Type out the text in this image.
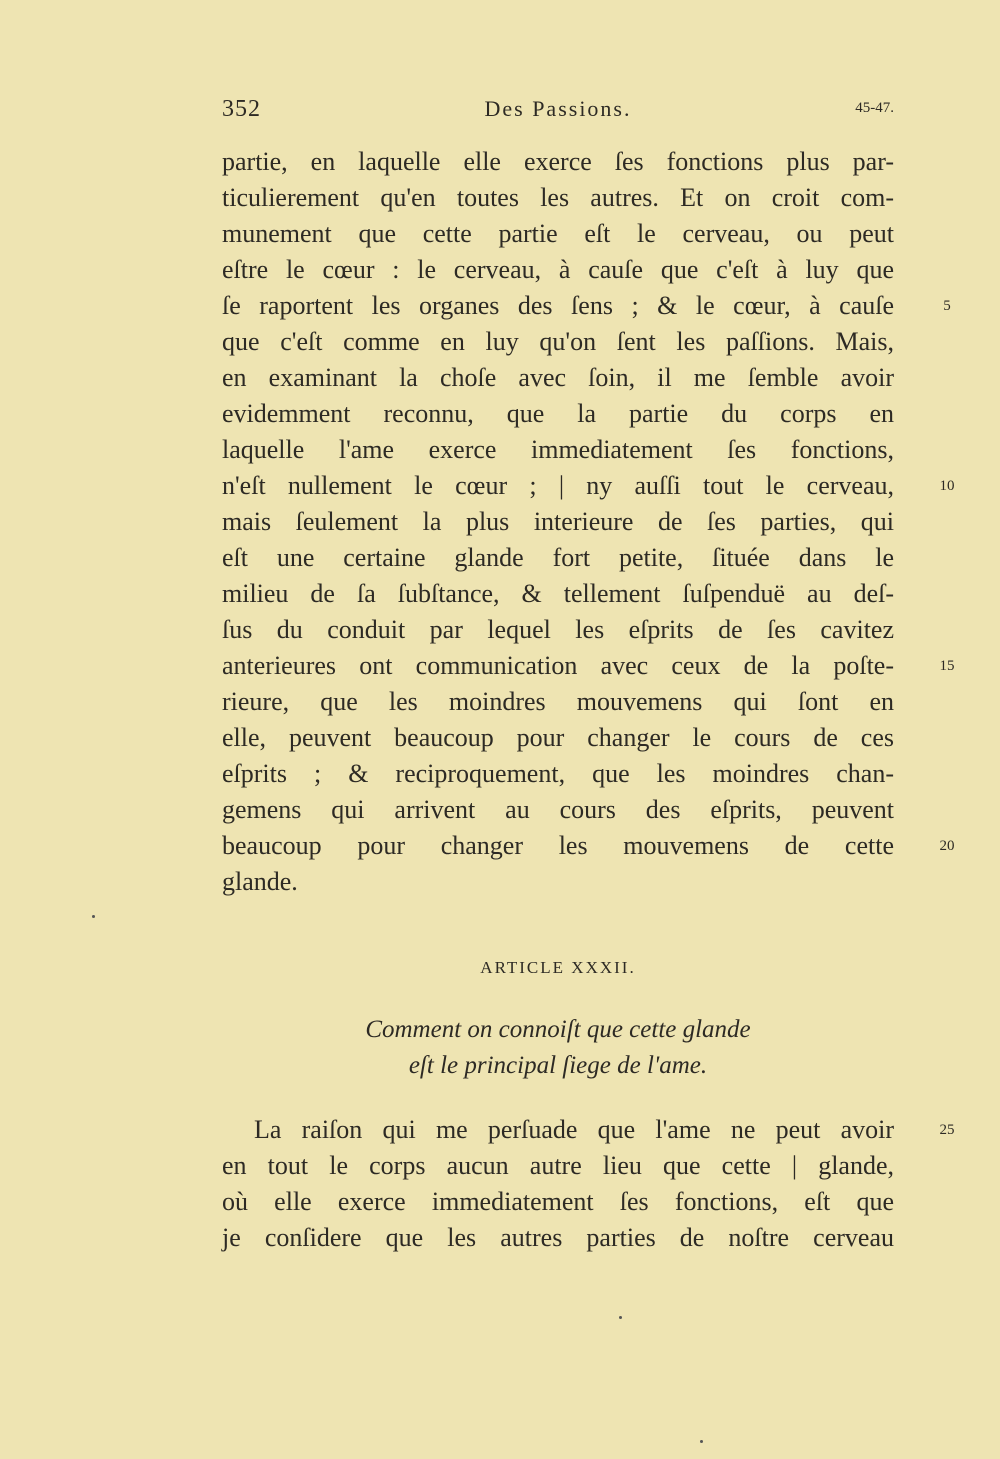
352	Des Passions.	45-47.
partie, en laquelle elle exerce ſes fonctions plus par-
ticulierement qu'en toutes les autres. Et on croit com-
munement que cette partie eſt le cerveau, ou peut
eſtre le cœur : le cerveau, à cauſe que c'eſt à luy que
ſe raportent les organes des ſens ; & le cœur, à cauſe	5
que c'eſt comme en luy qu'on ſent les paſſions. Mais,
en examinant la choſe avec ſoin, il me ſemble avoir
evidemment reconnu, que la partie du corps en
laquelle l'ame exerce immediatement ſes fonctions,
n'eſt nullement le cœur ; | ny auſſi tout le cerveau,	10
mais ſeulement la plus interieure de ſes parties, qui
eſt une certaine glande fort petite, ſituée dans le
milieu de ſa ſubſtance, & tellement ſuſpenduë au deſ-
ſus du conduit par lequel les eſprits de ſes cavitez
anterieures ont communication avec ceux de la poſte-	15
rieure, que les moindres mouvemens qui ſont en
elle, peuvent beaucoup pour changer le cours de ces
eſprits ; & reciproquement, que les moindres chan-
gemens qui arrivent au cours des eſprits, peuvent
beaucoup pour changer les mouvemens de cette	20
glande.
ARTICLE XXXII.
Comment on connoiſt que cette glande
eſt le principal ſiege de l'ame.
La raiſon qui me perſuade que l'ame ne peut avoir	25
en tout le corps aucun autre lieu que cette | glande,
où elle exerce immediatement ſes fonctions, eſt que
je conſidere que les autres parties de noſtre cerveau
